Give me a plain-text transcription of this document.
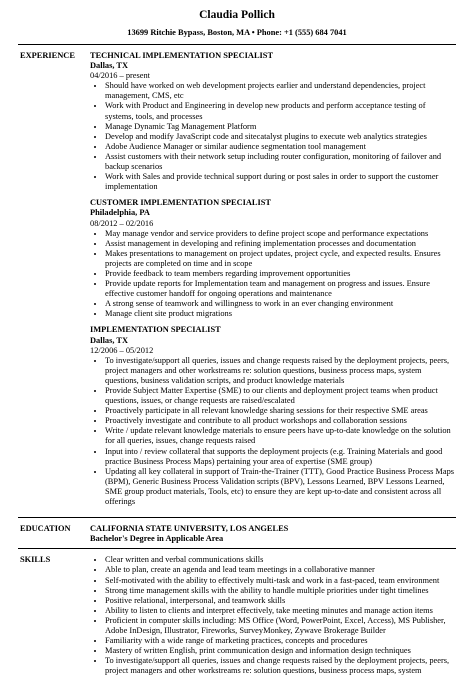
Claudia Pollich
13699 Ritchie Bypass, Boston, MA • Phone: +1 (555) 684 7041
EXPERIENCE	TECHNICAL IMPLEMENTATION SPECIALIST
Dallas, TX
04/2016 – present
• Should have worked on web development projects earlier and understand dependencies, project management, CMS, etc
• Work with Product and Engineering in develop new products and perform acceptance testing of systems, tools, and processes
• Manage Dynamic Tag Management Platform
• Develop and modify JavaScript code and sitecatalyst plugins to execute web analytics strategies
• Adobe Audience Manager or similar audience segmentation tool management
• Assist customers with their network setup including router configuration, monitoring of failover and backup scenarios
• Work with Sales and provide technical support during or post sales in order to support the customer implementation
CUSTOMER IMPLEMENTATION SPECIALIST
Philadelphia, PA
08/2012 – 02/2016
• May manage vendor and service providers to define project scope and performance expectations
• Assist management in developing and refining implementation processes and documentation
• Makes presentations to management on project updates, project cycle, and expected results. Ensures projects are completed on time and in scope
• Provide feedback to team members regarding improvement opportunities
• Provide update reports for Implementation team and management on progress and issues. Ensure effective customer handoff for ongoing operations and maintenance
• A strong sense of teamwork and willingness to work in an ever changing environment
• Manage client site product migrations
IMPLEMENTATION SPECIALIST
Dallas, TX
12/2006 – 05/2012
• To investigate/support all queries, issues and change requests raised by the deployment projects, peers, project managers and other workstreams re: solution questions, business process maps, system questions, business validation scripts, and product knowledge materials
• Provide Subject Matter Expertise (SME) to our clients and deployment project teams when product questions, issues, or change requests are raised/escalated
• Proactively participate in all relevant knowledge sharing sessions for their respective SME areas
• Proactively investigate and contribute to all product workshops and collaboration sessions
• Write / update relevant knowledge materials to ensure peers have up-to-date knowledge on the solution for all queries, issues, change requests raised
• Input into / review collateral that supports the deployment projects (e.g. Training Materials and good practice Business Process Maps) pertaining your area of expertise (SME group)
• Updating all key collateral in support of Train-the-Trainer (TTT), Good Practice Business Process Maps (BPM), Generic Business Process Validation scripts (BPV), Lessons Learned, BPV Lessons Learned, SME group product materials, Tools, etc) to ensure they are kept up-to-date and consistent across all offerings
EDUCATION	CALIFORNIA STATE UNIVERSITY, LOS ANGELES
Bachelor's Degree in Applicable Area
SKILLS
•	Clear written and verbal communications skills
• Able to plan, create an agenda and lead team meetings in a collaborative manner
• Self-motivated with the ability to effectively multi-task and work in a fast-paced, team environment
• Strong time management skills with the ability to handle multiple priorities under tight timelines
• Positive relational, interpersonal, and teamwork skills
• Ability to listen to clients and interpret effectively, take meeting minutes and manage action items
• Proficient in computer skills including: MS Office (Word, PowerPoint, Excel, Access), MS Publisher, Adobe InDesign, Illustrator, Fireworks, SurveyMonkey, Zywave Brokerage Builder
• Familiarity with a wide range of marketing practices, concepts and procedures
• Mastery of written English, print communication design and information design techniques
• To investigate/support all queries, issues and change requests raised by the deployment projects, peers, project managers and other workstreams re: solution questions, business process maps, system
